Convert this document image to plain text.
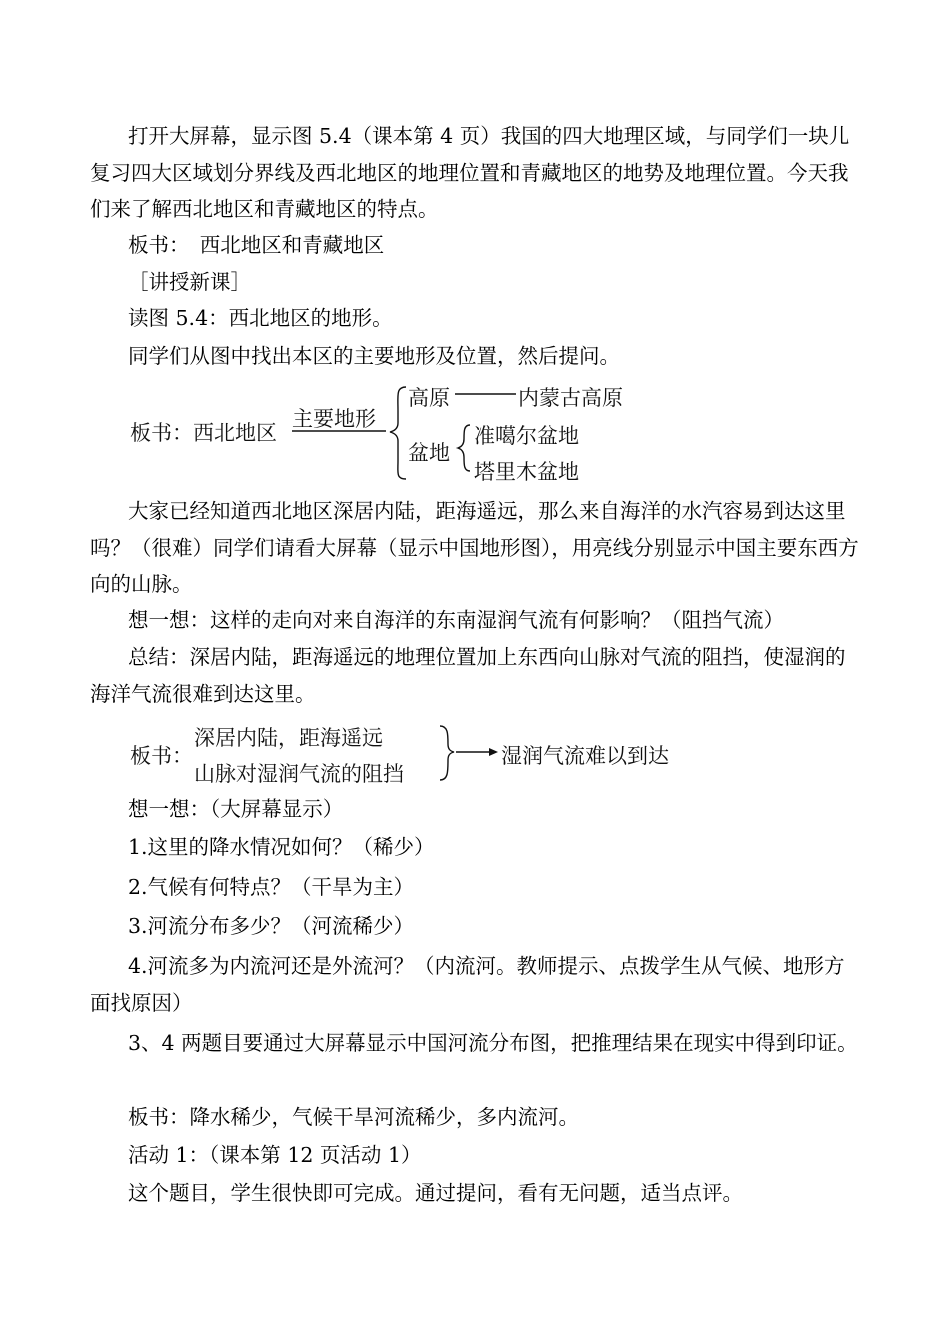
打开大屏幕，显示图 5.4（课本第 4 页）我国的四大地理区域，与同学们一块儿复习四大区域划分界线及西北地区的地理位置和青藏地区的地势及地理位置。今天我们来了解西北地区和青藏地区的特点。

板书：　西北地区和青藏地区

［讲授新课］

读图 5.4：西北地区的地形。

同学们从图中找出本区的主要地形及位置，然后提问。

板书：西北地区
主要地形
高原	内蒙古高原
盆地
准噶尔盆地
塔里木盆地

大家已经知道西北地区深居内陆，距海遥远，那么来自海洋的水汽容易到达这里吗？（很难）同学们请看大屏幕（显示中国地形图），用亮线分别显示中国主要东西方向的山脉。

想一想：这样的走向对来自海洋的东南湿润气流有何影响？（阻挡气流）

总结：深居内陆，距海遥远的地理位置加上东西向山脉对气流的阻挡，使湿润的海洋气流很难到达这里。

板书：
深居内陆，距海遥远
山脉对湿润气流的阻挡
湿润气流难以到达

想一想：（大屏幕显示）

1.这里的降水情况如何？（稀少）

2.气候有何特点？（干旱为主）

3.河流分布多少？（河流稀少）

4.河流多为内流河还是外流河？（内流河。教师提示、点拨学生从气候、地形方面找原因）

3、4 两题目要通过大屏幕显示中国河流分布图，把推理结果在现实中得到印证。

板书：降水稀少，气候干旱河流稀少，多内流河。

活动 1：（课本第 12 页活动 1）

这个题目，学生很快即可完成。通过提问，看有无问题，适当点评。
